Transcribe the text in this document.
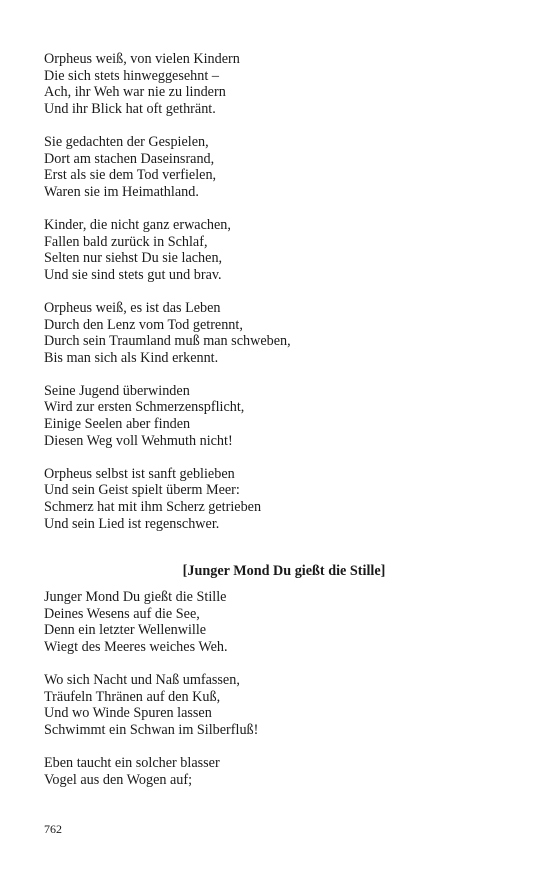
Orpheus weiß, von vielen Kindern
Die sich stets hinweggesehnt –
Ach, ihr Weh war nie zu lindern
Und ihr Blick hat oft gethränt.
Sie gedachten der Gespielen,
Dort am stachen Daseinsrand,
Erst als sie dem Tod verfielen,
Waren sie im Heimathland.
Kinder, die nicht ganz erwachen,
Fallen bald zurück in Schlaf,
Selten nur siehst Du sie lachen,
Und sie sind stets gut und brav.
Orpheus weiß, es ist das Leben
Durch den Lenz vom Tod getrennt,
Durch sein Traumland muß man schweben,
Bis man sich als Kind erkennt.
Seine Jugend überwinden
Wird zur ersten Schmerzenspflicht,
Einige Seelen aber finden
Diesen Weg voll Wehmuth nicht!
Orpheus selbst ist sanft geblieben
Und sein Geist spielt überm Meer:
Schmerz hat mit ihm Scherz getrieben
Und sein Lied ist regenschwer.
[Junger Mond Du gießt die Stille]
Junger Mond Du gießt die Stille
Deines Wesens auf die See,
Denn ein letzter Wellenwille
Wiegt des Meeres weiches Weh.
Wo sich Nacht und Naß umfassen,
Träufeln Thränen auf den Kuß,
Und wo Winde Spuren lassen
Schwimmt ein Schwan im Silberfluß!
Eben taucht ein solcher blasser
Vogel aus den Wogen auf;
762
